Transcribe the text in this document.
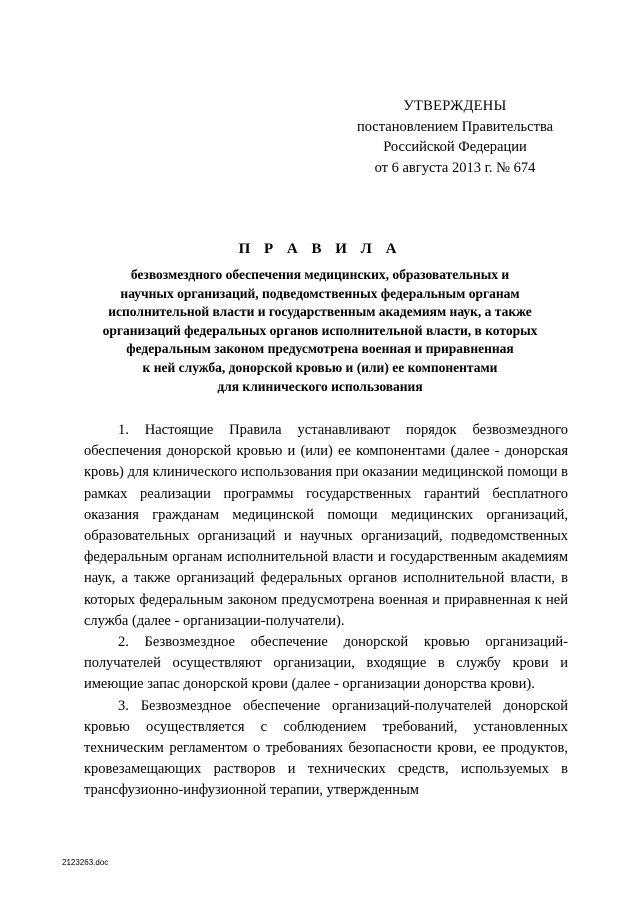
УТВЕРЖДЕНЫ
постановлением Правительства
Российской Федерации
от 6 августа 2013 г. № 674
П Р А В И Л А
безвозмездного обеспечения медицинских, образовательных и
научных организаций, подведомственных федеральным органам
исполнительной власти и государственным академиям наук, а также
организаций федеральных органов исполнительной власти, в которых
федеральным законом предусмотрена военная и приравненная
к ней служба, донорской кровью и (или) ее компонентами
для клинического использования

1. Настоящие Правила устанавливают порядок безвозмездного обеспечения донорской кровью и (или) ее компонентами (далее - донорская кровь) для клинического использования при оказании медицинской помощи в рамках реализации программы государственных гарантий бесплатного оказания гражданам медицинской помощи медицинских организаций, образовательных организаций и научных организаций, подведомственных федеральным органам исполнительной власти и государственным академиям наук, а также организаций федеральных органов исполнительной власти, в которых федеральным законом предусмотрена военная и приравненная к ней служба (далее - организации-получатели).

2. Безвозмездное обеспечение донорской кровью организаций-получателей осуществляют организации, входящие в службу крови и имеющие запас донорской крови (далее - организации донорства крови).

3. Безвозмездное обеспечение организаций-получателей донорской кровью осуществляется с соблюдением требований, установленных техническим регламентом о требованиях безопасности крови, ее продуктов, кровезамещающих растворов и технических средств, используемых в трансфузионно-инфузионной терапии, утвержденным

2123263.doc
